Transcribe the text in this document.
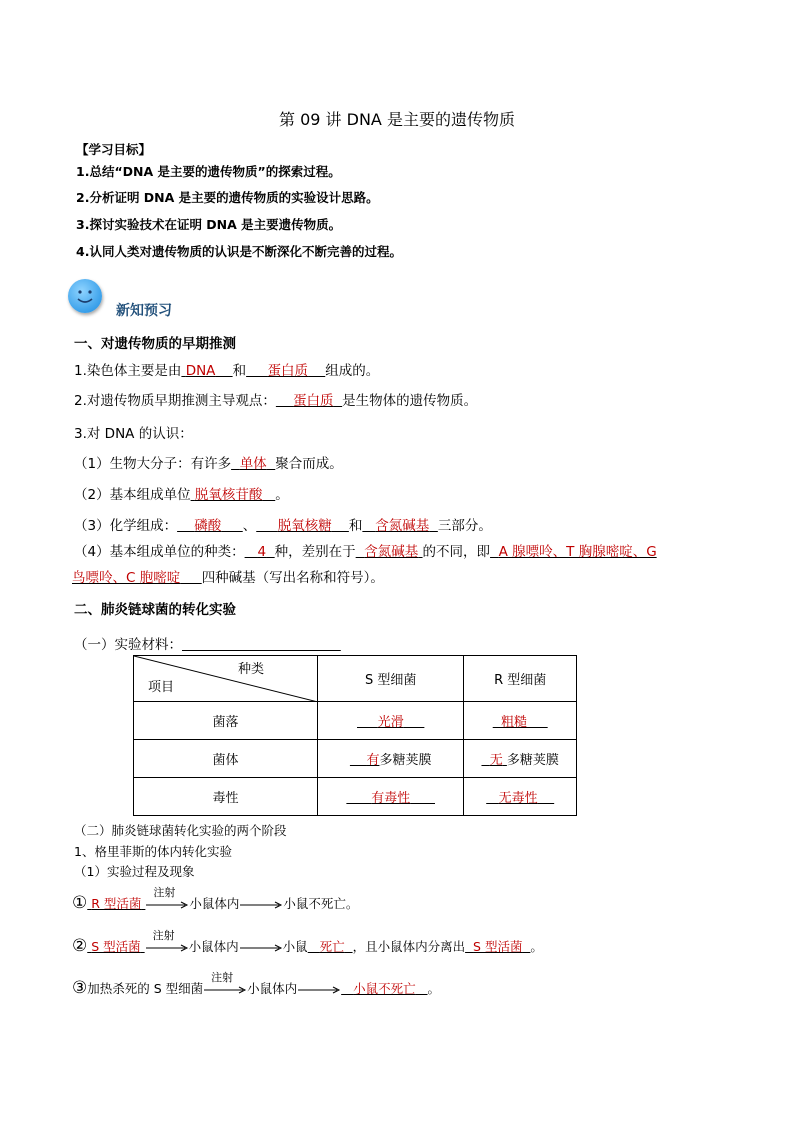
第 09 讲 DNA 是主要的遗传物质
【学习目标】
1.总结“DNA 是主要的遗传物质”的探索过程。
2.分析证明 DNA 是主要的遗传物质的实验设计思路。
3.探讨实验技术在证明 DNA 是主要遗传物质。
4.认同人类对遗传物质的认识是不断深化不断完善的过程。
新知预习
一、对遗传物质的早期推测
1.染色体主要是由 DNA 和 蛋白质 组成的。
2.对遗传物质早期推测主导观点： 蛋白质 是生物体的遗传物质。
3.对 DNA 的认识：
（1）生物大分子：有许多 单体 聚合而成。
（2）基本组成单位 脱氧核苷酸 。
（3）化学组成： 磷酸 、 脱氧核糖 和 含氮碱基 三部分。
（4）基本组成单位的种类： 4 种，差别在于 含氮碱基 的不同，即 A 腺嘌呤、T 胸腺嘧啶、G
鸟嘌呤、C 胞嘧啶 四种碱基（写出名称和符号）。
二、肺炎链球菌的转化实验
（一）实验材料：
种类
项目	S 型细菌	R 型细菌
菌落	光滑	粗糙
菌体	有多糖荚膜	无 多糖荚膜
毒性	有毒性	无毒性
（二）肺炎链球菌转化实验的两个阶段
1、格里菲斯的体内转化实验
（1）实验过程及现象
① R 型活菌
注射
小鼠体内	小鼠不死亡。
② S 型活菌
注射
小鼠体内	小鼠 死亡 ，且小鼠体内分离出 S 型活菌 。
③加热杀死的 S 型细菌
注射
小鼠体内	小鼠不死亡 。
